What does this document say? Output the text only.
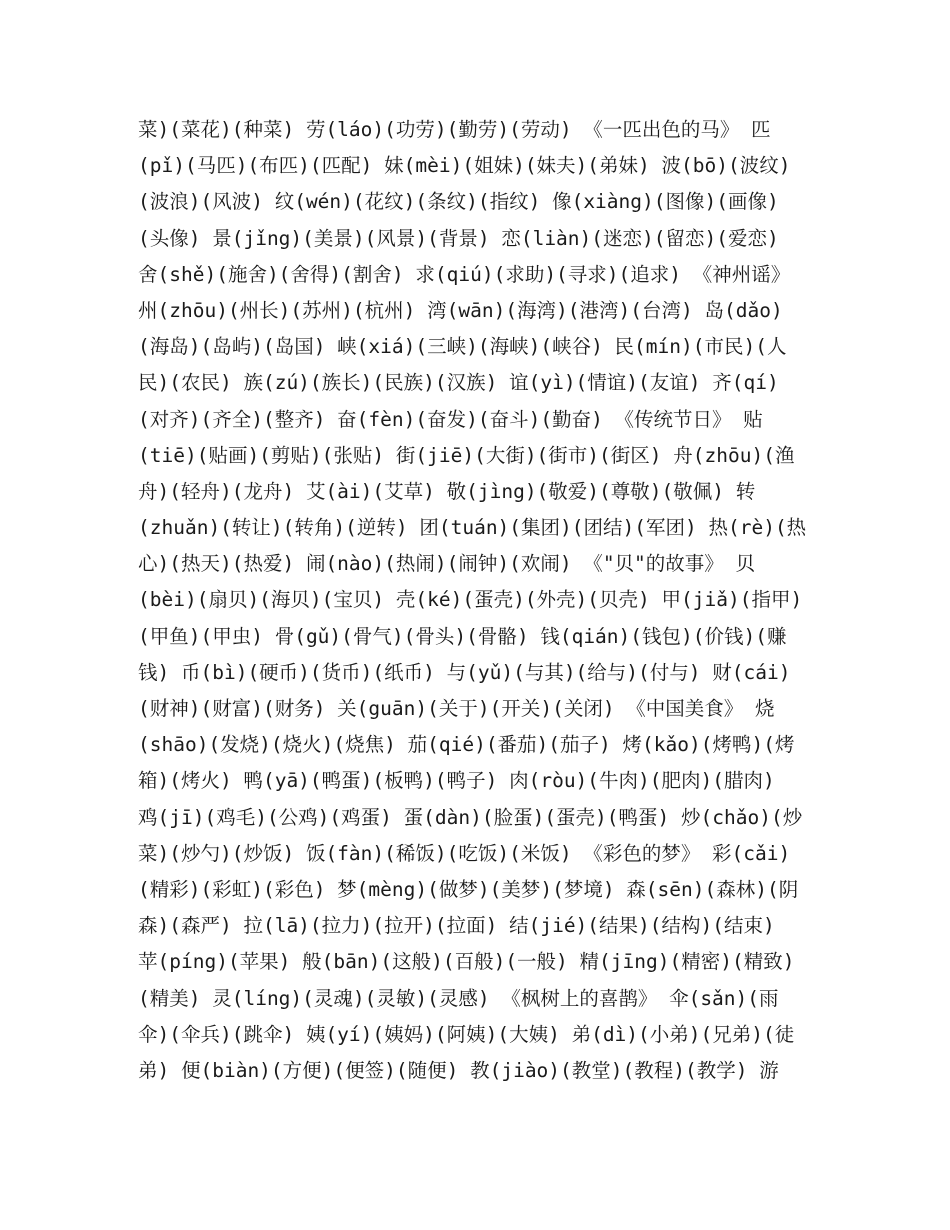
菜)(菜花)(种菜) 劳(láo)(功劳)(勤劳)(劳动) 《一匹出色的马》 匹
(pǐ)(马匹)(布匹)(匹配) 妹(mèi)(姐妹)(妹夫)(弟妹) 波(bō)(波纹)
(波浪)(风波) 纹(wén)(花纹)(条纹)(指纹) 像(xiàng)(图像)(画像)
(头像) 景(jǐng)(美景)(风景)(背景) 恋(liàn)(迷恋)(留恋)(爱恋)
舍(shě)(施舍)(舍得)(割舍) 求(qiú)(求助)(寻求)(追求) 《神州谣》
州(zhōu)(州长)(苏州)(杭州) 湾(wān)(海湾)(港湾)(台湾) 岛(dǎo)
(海岛)(岛屿)(岛国) 峡(xiá)(三峡)(海峡)(峡谷) 民(mín)(市民)(人
民)(农民) 族(zú)(族长)(民族)(汉族) 谊(yì)(情谊)(友谊) 齐(qí)
(对齐)(齐全)(整齐) 奋(fèn)(奋发)(奋斗)(勤奋) 《传统节日》 贴
(tiē)(贴画)(剪贴)(张贴) 街(jiē)(大街)(街市)(街区) 舟(zhōu)(渔
舟)(轻舟)(龙舟) 艾(ài)(艾草) 敬(jìng)(敬爱)(尊敬)(敬佩) 转
(zhuǎn)(转让)(转角)(逆转) 团(tuán)(集团)(团结)(军团) 热(rè)(热
心)(热天)(热爱) 闹(nào)(热闹)(闹钟)(欢闹) 《"贝"的故事》 贝
(bèi)(扇贝)(海贝)(宝贝) 壳(ké)(蛋壳)(外壳)(贝壳) 甲(jiǎ)(指甲)
(甲鱼)(甲虫) 骨(gǔ)(骨气)(骨头)(骨骼) 钱(qián)(钱包)(价钱)(赚
钱) 币(bì)(硬币)(货币)(纸币) 与(yǔ)(与其)(给与)(付与) 财(cái)
(财神)(财富)(财务) 关(guān)(关于)(开关)(关闭) 《中国美食》 烧
(shāo)(发烧)(烧火)(烧焦) 茄(qié)(番茄)(茄子) 烤(kǎo)(烤鸭)(烤
箱)(烤火) 鸭(yā)(鸭蛋)(板鸭)(鸭子) 肉(ròu)(牛肉)(肥肉)(腊肉)
鸡(jī)(鸡毛)(公鸡)(鸡蛋) 蛋(dàn)(脸蛋)(蛋壳)(鸭蛋) 炒(chǎo)(炒
菜)(炒勺)(炒饭) 饭(fàn)(稀饭)(吃饭)(米饭) 《彩色的梦》 彩(cǎi)
(精彩)(彩虹)(彩色) 梦(mèng)(做梦)(美梦)(梦境) 森(sēn)(森林)(阴
森)(森严) 拉(lā)(拉力)(拉开)(拉面) 结(jié)(结果)(结构)(结束)
苹(píng)(苹果) 般(bān)(这般)(百般)(一般) 精(jīng)(精密)(精致)
(精美) 灵(líng)(灵魂)(灵敏)(灵感) 《枫树上的喜鹊》 伞(sǎn)(雨
伞)(伞兵)(跳伞) 姨(yí)(姨妈)(阿姨)(大姨) 弟(dì)(小弟)(兄弟)(徒
弟) 便(biàn)(方便)(便签)(随便) 教(jiào)(教堂)(教程)(教学) 游
